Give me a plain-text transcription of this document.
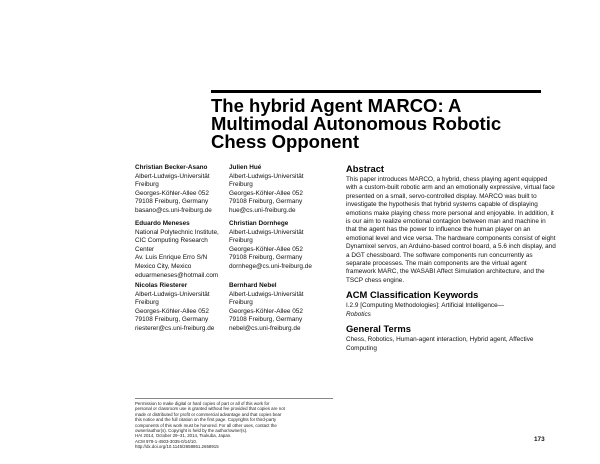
The hybrid Agent MARCO: A Multimodal Autonomous Robotic Chess Opponent
Christian Becker-Asano
Albert-Ludwigs-Universität
Freiburg
Georges-Köhler-Allee 052
79108 Freiburg, Germany
basano@cs.uni-freiburg.de
Julien Hué
Albert-Ludwigs-Universität
Freiburg
Georges-Köhler-Allee 052
79108 Freiburg, Germany
hue@cs.uni-freiburg.de
Eduardo Meneses
National Polytechnic Institute,
CIC Computing Research
Center
Av. Luis Enrique Erro S/N
Mexico City, Mexico
eduarmeneses@hotmail.com
Christian Dornhege
Albert-Ludwigs-Universität
Freiburg
Georges-Köhler-Allee 052
79108 Freiburg, Germany
dornhege@cs.uni-freiburg.de
Nicolas Riesterer
Albert-Ludwigs-Universität
Freiburg
Georges-Köhler-Allee 052
79108 Freiburg, Germany
riesterer@cs.uni-freiburg.de
Bernhard Nebel
Albert-Ludwigs-Universität
Freiburg
Georges-Köhler-Allee 052
79108 Freiburg, Germany
nebel@cs.uni-freiburg.de
Abstract
This paper introduces MARCO, a hybrid, chess playing agent equipped with a custom-built robotic arm and an emotionally expressive, virtual face presented on a small, servo-controlled display. MARCO was built to investigate the hypothesis that hybrid systems capable of displaying emotions make playing chess more personal and enjoyable. In addition, it is our aim to realize emotional contagion between man and machine in that the agent has the power to influence the human player on an emotional level and vice versa. The hardware components consist of eight Dynamixel servos, an Arduino-based control board, a 5.6 inch display, and a DGT chessboard. The software components run concurrently as separate processes. The main components are the virtual agent framework MARC, the WASABI Affect Simulation architecture, and the TSCP chess engine.
ACM Classification Keywords
I.2.9 [Computing Methodologies]: Artificial Intelligence—
Robotics
General Terms
Chess, Robotics, Human-agent interaction, Hybrid agent, Affective Computing
Permission to make digital or hard copies of part or all of this work for
personal or classroom use is granted without fee provided that copies are not
made or distributed for profit or commercial advantage and that copies bear
this notice and the full citation on the first page. Copyrights for third-party
components of this work must be honored. For all other uses, contact the
owner/author(s). Copyright is held by the author/owner(s).
HAI 2014, October 29–31, 2014, Tsukuba, Japan.
ACM 978-1-4503-3035-0/14/10.
http://dx.doi.org/10.1145/2658861.2658915
173
